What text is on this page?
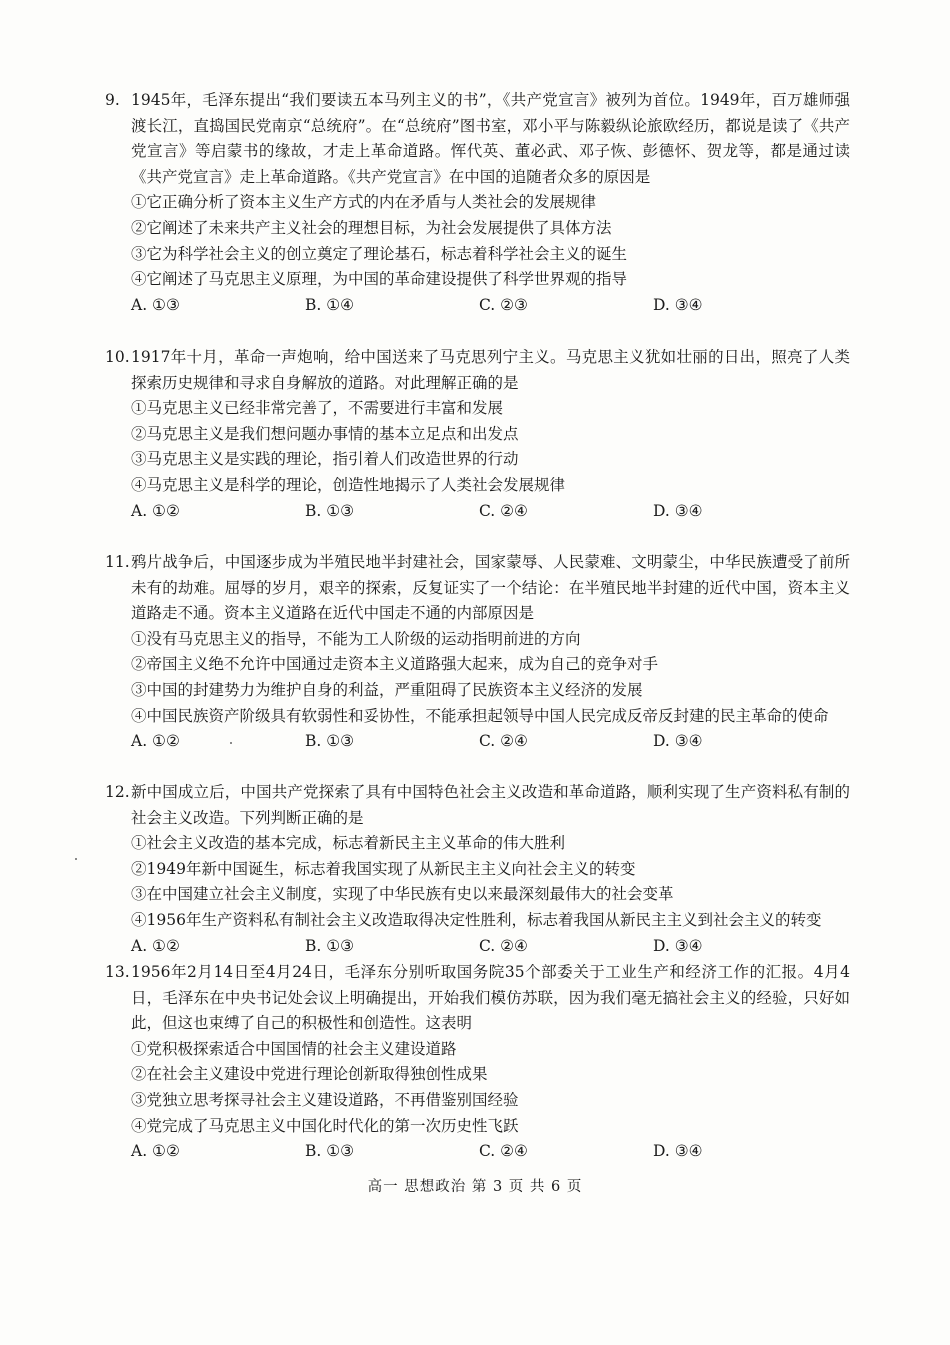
9. 1945年，毛泽东提出“我们要读五本马列主义的书”，《共产党宣言》被列为首位。1949年，百万雄师强渡长江，直捣国民党南京“总统府”。在“总统府”图书室，邓小平与陈毅纵论旅欧经历，都说是读了《共产党宣言》等启蒙书的缘故，才走上革命道路。恽代英、董必武、邓子恢、彭德怀、贺龙等，都是通过读《共产党宣言》走上革命道路。《共产党宣言》在中国的追随者众多的原因是
①它正确分析了资本主义生产方式的内在矛盾与人类社会的发展规律
②它阐述了未来共产主义社会的理想目标，为社会发展提供了具体方法
③它为科学社会主义的创立奠定了理论基石，标志着科学社会主义的诞生
④它阐述了马克思主义原理，为中国的革命建设提供了科学世界观的指导
A. ①③	B. ①④	C. ②③	D. ③④
10. 1917年十月，革命一声炮响，给中国送来了马克思列宁主义。马克思主义犹如壮丽的日出，照亮了人类探索历史规律和寻求自身解放的道路。对此理解正确的是
①马克思主义已经非常完善了，不需要进行丰富和发展
②马克思主义是我们想问题办事情的基本立足点和出发点
③马克思主义是实践的理论，指引着人们改造世界的行动
④马克思主义是科学的理论，创造性地揭示了人类社会发展规律
A. ①②	B. ①③	C. ②④	D. ③④
11. 鸦片战争后，中国逐步成为半殖民地半封建社会，国家蒙辱、人民蒙难、文明蒙尘，中华民族遭受了前所未有的劫难。屈辱的岁月，艰辛的探索，反复证实了一个结论：在半殖民地半封建的近代中国，资本主义道路走不通。资本主义道路在近代中国走不通的内部原因是
①没有马克思主义的指导，不能为工人阶级的运动指明前进的方向
②帝国主义绝不允许中国通过走资本主义道路强大起来，成为自己的竞争对手
③中国的封建势力为维护自身的利益，严重阻碍了民族资本主义经济的发展
④中国民族资产阶级具有软弱性和妥协性，不能承担起领导中国人民完成反帝反封建的民主革命的使命
A. ①②	B. ①③	C. ②④	D. ③④
12. 新中国成立后，中国共产党探索了具有中国特色社会主义改造和革命道路，顺利实现了生产资料私有制的社会主义改造。下列判断正确的是
①社会主义改造的基本完成，标志着新民主主义革命的伟大胜利
②1949年新中国诞生，标志着我国实现了从新民主主义向社会主义的转变
③在中国建立社会主义制度，实现了中华民族有史以来最深刻最伟大的社会变革
④1956年生产资料私有制社会主义改造取得决定性胜利，标志着我国从新民主主义到社会主义的转变
A. ①②	B. ①③	C. ②④	D. ③④
13. 1956年2月14日至4月24日，毛泽东分别听取国务院35个部委关于工业生产和经济工作的汇报。4月4日，毛泽东在中央书记处会议上明确提出，开始我们模仿苏联，因为我们毫无搞社会主义的经验，只好如此，但这也束缚了自己的积极性和创造性。这表明
①党积极探索适合中国国情的社会主义建设道路
②在社会主义建设中党进行理论创新取得独创性成果
③党独立思考探寻社会主义建设道路，不再借鉴别国经验
④党完成了马克思主义中国化时代化的第一次历史性飞跃
A. ①②	B. ①③	C. ②④	D. ③④
高一 思想政治 第 3 页 共 6 页
